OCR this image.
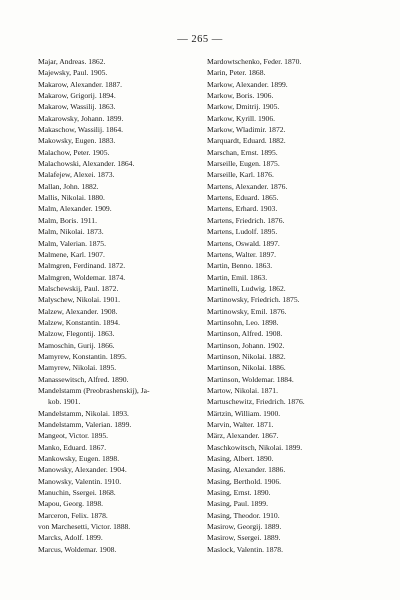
— 265 —
Majar, Andreas. 1862.
Majewsky, Paul. 1905.
Makarow, Alexander. 1887.
Makarow, Grigorij. 1894.
Makarow, Wassilij. 1863.
Makarowsky, Johann. 1899.
Makaschow, Wassilij. 1864.
Makowsky, Eugen. 1883.
Malachow, Peter. 1905.
Malachowski, Alexander. 1864.
Malafejew, Alexei. 1873.
Mallan, John. 1882.
Mallis, Nikolai. 1880.
Malm, Alexander. 1909.
Malm, Boris. 1911.
Malm, Nikolai. 1873.
Malm, Valerian. 1875.
Malmene, Karl. 1907.
Malmgren, Ferdinand. 1872.
Malmgren, Woldemar. 1874.
Malschewskij, Paul. 1872.
Malyschew, Nikolai. 1901.
Malzew, Alexander. 1908.
Malzew, Konstantin. 1894.
Malzow, Flegontij. 1863.
Mamoschin, Gurij. 1866.
Mamyrew, Konstantin. 1895.
Mamyrew, Nikolai. 1895.
Manassewitsch, Alfred. 1890.
Mandelstamm (Preobrashenskij), Ja-
kob. 1901.
Mandelstamm, Nikolai. 1893.
Mandelstamm, Valerian. 1899.
Mangeot, Victor. 1895.
Manko, Eduard. 1867.
Mankowsky, Eugen. 1898.
Manowsky, Alexander. 1904.
Manowsky, Valentin. 1910.
Manuchin, Ssergei. 1868.
Mapou, Georg. 1898.
Marceron, Felix. 1878.
von Marchesetti, Victor. 1888.
Marcks, Adolf. 1899.
Marcus, Woldemar. 1908.
Mardowtschenko, Feder. 1870.
Marin, Peter. 1868.
Markow, Alexander. 1899.
Markow, Boris. 1906.
Markow, Dmitrij. 1905.
Markow, Kyrill. 1906.
Markow, Wladimir. 1872.
Marquardt, Eduard. 1882.
Marschan, Ernst. 1895.
Marseille, Eugen. 1875.
Marseille, Karl. 1876.
Martens, Alexander. 1876.
Martens, Eduard. 1865.
Martens, Erhard. 1903.
Martens, Friedrich. 1876.
Martens, Ludolf. 1895.
Martens, Oswald. 1897.
Martens, Walter. 1897.
Martin, Benno. 1863.
Martin, Emil. 1863.
Martinelli, Ludwig. 1862.
Martinowsky, Friedrich. 1875.
Martinowsky, Emil. 1876.
Martinsohn, Leo. 1898.
Martinson, Alfred. 1908.
Martinson, Johann. 1902.
Martinson, Nikolai. 1882.
Martinson, Nikolai. 1886.
Martinson, Woldemar. 1884.
Martow, Nikolai. 1871.
Martuschewitz, Friedrich. 1876.
Märtzin, William. 1900.
Marvin, Walter. 1871.
März, Alexander. 1867.
Maschkowitsch, Nikolai. 1899.
Masing, Albert. 1890.
Masing, Alexander. 1886.
Masing, Berthold. 1906.
Masing, Ernst. 1890.
Masing, Paul. 1899.
Masing, Theodor. 1910.
Masirow, Georgij. 1889.
Masirow, Ssergei. 1889.
Maslock, Valentin. 1878.
